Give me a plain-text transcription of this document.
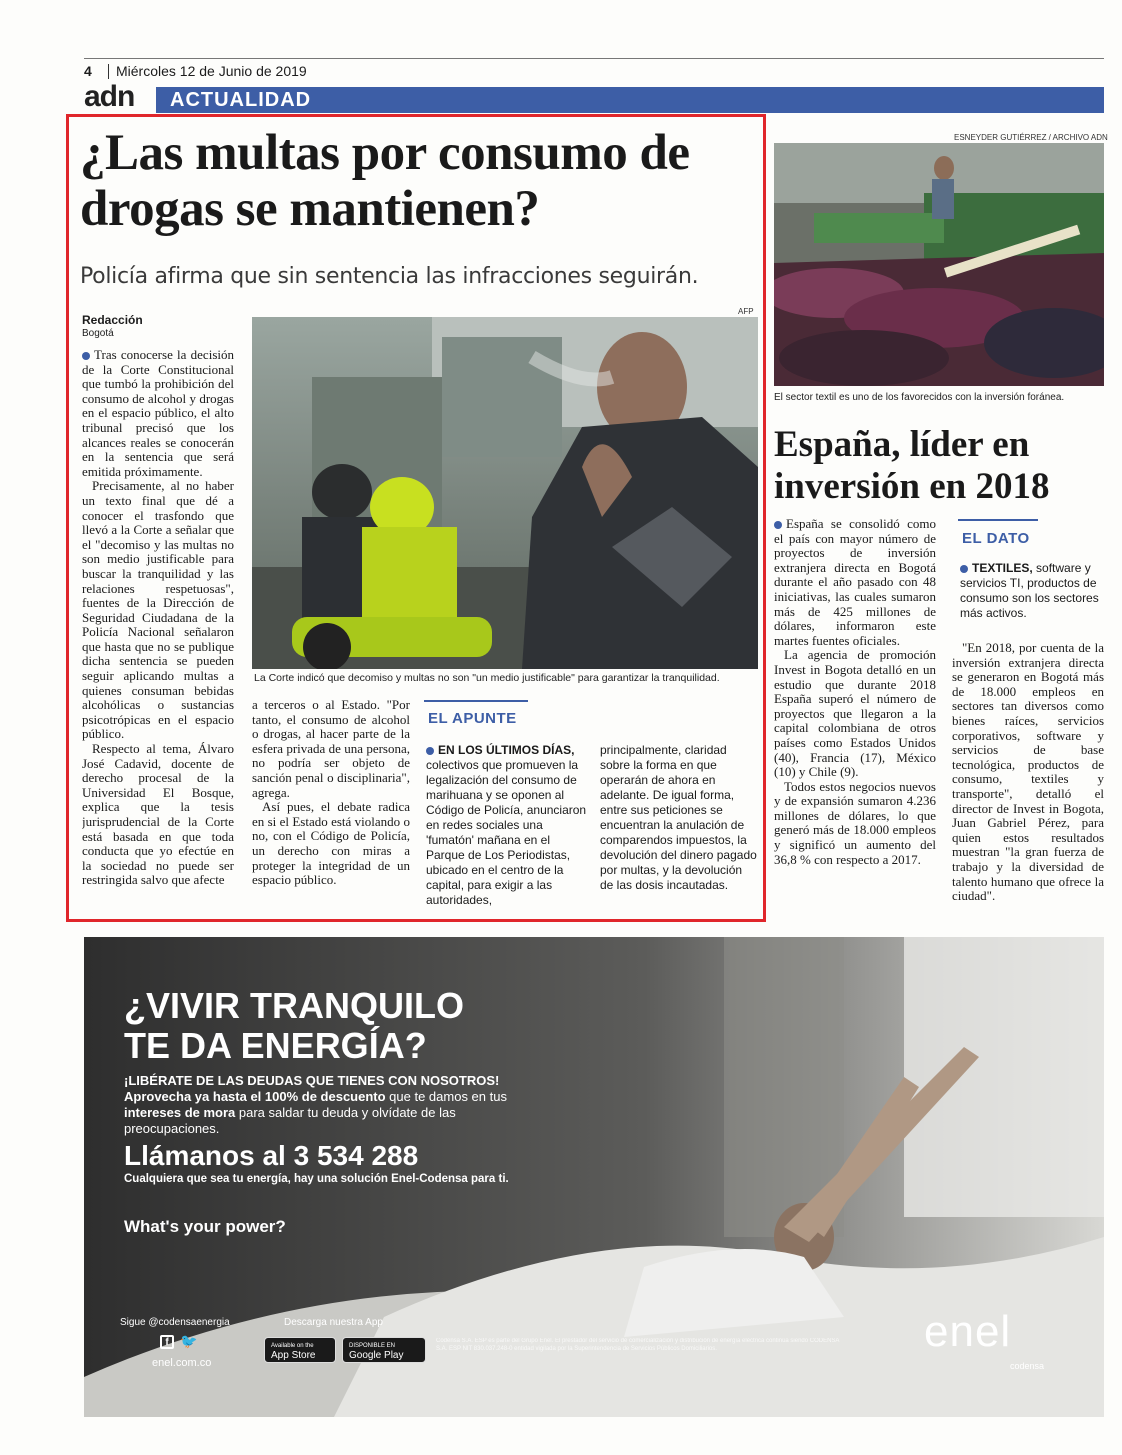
4 Miércoles 12 de Junio de 2019
adn ACTUALIDAD
¿Las multas por consumo de drogas se mantienen?
Policía afirma que sin sentencia las infracciones seguirán.
Redacción
Bogotá

Tras conocerse la decisión de la Corte Constitucional que tumbó la prohibición del consumo de alcohol y drogas en el espacio público, el alto tribunal precisó que los alcances reales se conocerán en la sentencia que será emitida próximamente.

Precisamente, al no haber un texto final que dé a conocer el trasfondo que llevó a la Corte a señalar que el "decomiso y las multas no son medio justificable para buscar la tranquilidad y las relaciones respetuosas", fuentes de la Dirección de Seguridad Ciudadana de la Policía Nacional señalaron que hasta que no se publique dicha sentencia se pueden seguir aplicando multas a quienes consuman bebidas alcohólicas o sustancias psicotrópicas en el espacio público.

Respecto al tema, Álvaro José Cadavid, docente de derecho procesal de la Universidad El Bosque, explica que la tesis jurisprudencial de la Corte está basada en que toda conducta que yo efectúe en la sociedad no puede ser restringida salvo que afecte

AFP
La Corte indicó que decomiso y multas no son "un medio justificable" para garantizar la tranquilidad.

a terceros o al Estado. "Por tanto, el consumo de alcohol o drogas, al hacer parte de la esfera privada de una persona, no podría ser objeto de sanción penal o disciplinaria", agrega.

Así pues, el debate radica en si el Estado está violando o no, con el Código de Policía, un derecho con miras a proteger la integridad de un espacio público.

EL APUNTE
EN LOS ÚLTIMOS DÍAS, colectivos que promueven la legalización del consumo de marihuana y se oponen al Código de Policía, anunciaron en redes sociales una 'fumatón' mañana en el Parque de Los Periodistas, ubicado en el centro de la capital, para exigir a las autoridades,
principalmente, claridad sobre la forma en que operarán de ahora en adelante. De igual forma, entre sus peticiones se encuentran la anulación de comparendos impuestos, la devolución del dinero pagado por multas, y la devolución de las dosis incautadas.
ESNEYDER GUTIÉRREZ / ARCHIVO ADN
El sector textil es uno de los favorecidos con la inversión foránea.
España, líder en inversión en 2018

España se consolidó como el país con mayor número de proyectos de inversión extranjera directa en Bogotá durante el año pasado con 48 iniciativas, las cuales sumaron más de 425 millones de dólares, informaron este martes fuentes oficiales.

La agencia de promoción Invest in Bogota detalló en un estudio que durante 2018 España superó el número de proyectos que llegaron a la capital colombiana de otros países como Estados Unidos (40), Francia (17), México (10) y Chile (9).

Todos estos negocios nuevos y de expansión sumaron 4.236 millones de dólares, lo que generó más de 18.000 empleos y significó un aumento del 36,8 % con respecto a 2017.

EL DATO
TEXTILES, software y servicios TI, productos de consumo son los sectores más activos.
"En 2018, por cuenta de la inversión extranjera directa se generaron en Bogotá más de 18.000 empleos en sectores tan diversos como bienes raíces, servicios corporativos, software y servicios de base tecnológica, productos de consumo, textiles y transporte", detalló el director de Invest in Bogota, Juan Gabriel Pérez, para quien estos resultados muestran "la gran fuerza de trabajo y la diversidad de talento humano que ofrece la ciudad".
¿VIVIR TRANQUILO
TE DA ENERGÍA?
¡LIBÉRATE DE LAS DEUDAS QUE TIENES CON NOSOTROS!
Aprovecha ya hasta el 100% de descuento que te damos en tus intereses de mora para saldar tu deuda y olvídate de las preocupaciones.
Llámanos al 3 534 288
Cualquiera que sea tu energía, hay una solución Enel-Codensa para ti.
What's your power?
Sigue @codensaenergia
f 🐦
enel.com.co
Descarga nuestra App
Available on the
App Store
DISPONIBLE EN
Google Play
Codensa S.A. ESP es parte del Grupo Enel. El prestador del servicio de comercialización y distribución de energía eléctrica continúa siendo CODENSA S.A. ESP NIT 830.037.248-0 entidad vigilada por la Superintendencia de Servicios Públicos Domiciliarios.	enel
codensa
